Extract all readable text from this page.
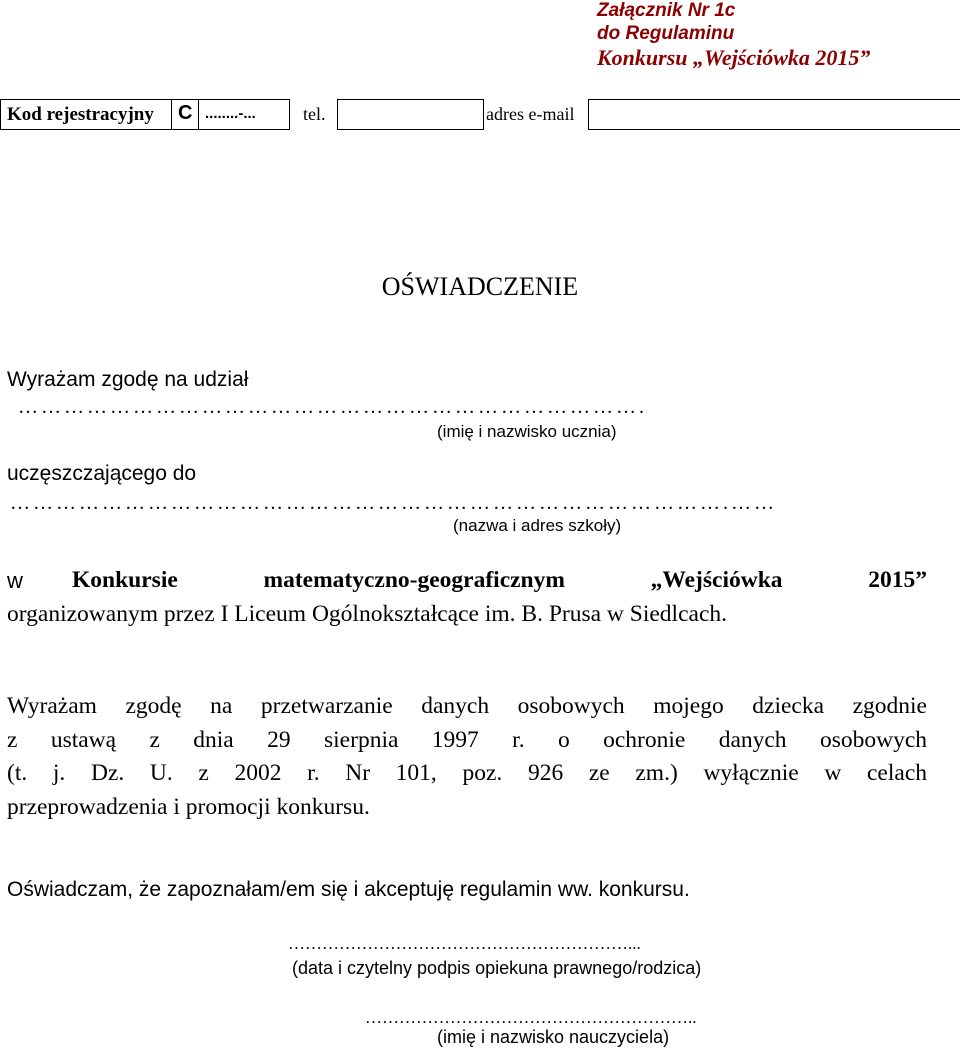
Załącznik Nr 1c
do Regulaminu
Konkursu „Wejściówka 2015”
Kod rejestracyjny	C ........-...	tel.	adres e-mail
OŚWIADCZENIE
Wyrażam zgodę na udział
……………………………………………………………………….
(imię i nazwisko ucznia)
uczęszczającego do
………………………………………………………………………………….……
(nazwa i adres szkoły)
w Konkursie matematyczno-geograficznym „Wejściówka 2015”
organizowanym przez I Liceum Ogólnokształcące im. B. Prusa w Siedlcach.
Wyrażam zgodę na przetwarzanie danych osobowych mojego dziecka zgodnie
z ustawą z dnia 29 sierpnia 1997 r. o ochronie danych osobowych
(t. j. Dz. U. z 2002 r. Nr 101, poz. 926 ze zm.) wyłącznie w celach
przeprowadzenia i promocji konkursu.
Oświadczam, że zapoznałam/em się i akceptuję regulamin ww. konkursu.
……………………………………………………...
(data i czytelny podpis opiekuna prawnego/rodzica)
…………………………………………………..
(imię i nazwisko nauczyciela)
